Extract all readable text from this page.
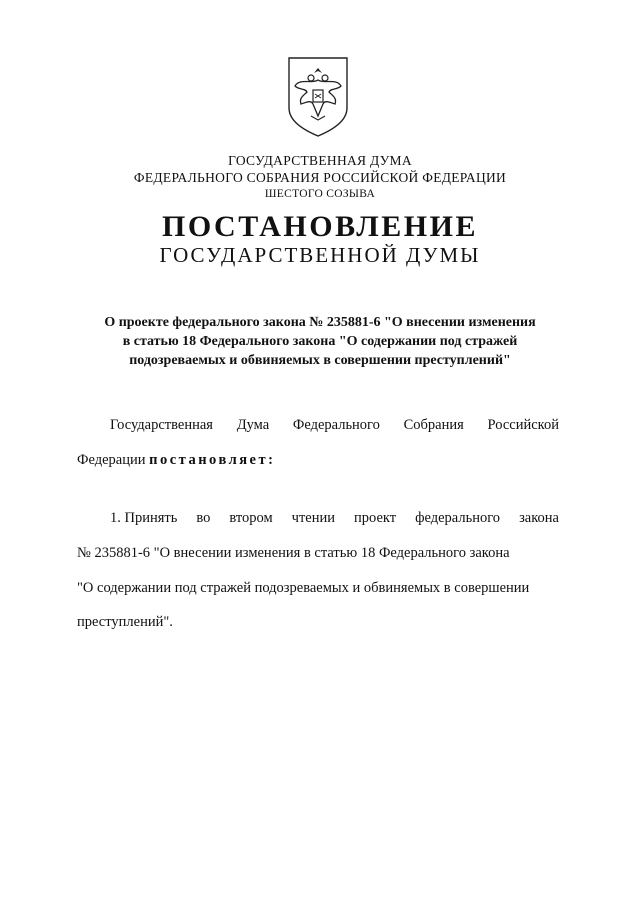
ГОСУДАРСТВЕННАЯ ДУМА
ФЕДЕРАЛЬНОГО СОБРАНИЯ РОССИЙСКОЙ ФЕДЕРАЦИИ
ШЕСТОГО СОЗЫВА
ПОСТАНОВЛЕНИЕ
ГОСУДАРСТВЕННОЙ ДУМЫ
О проекте федерального закона № 235881-6 "О внесении изменения
в статью 18 Федерального закона "О содержании под стражей
подозреваемых и обвиняемых в совершении преступлений"
Государственная Дума Федерального Собрания Российской
Федерации постановляет:
1. Принять во втором чтении проект федерального закона
№ 235881-6 "О внесении изменения в статью 18 Федерального закона
"О содержании под стражей подозреваемых и обвиняемых в совершении
преступлений".
